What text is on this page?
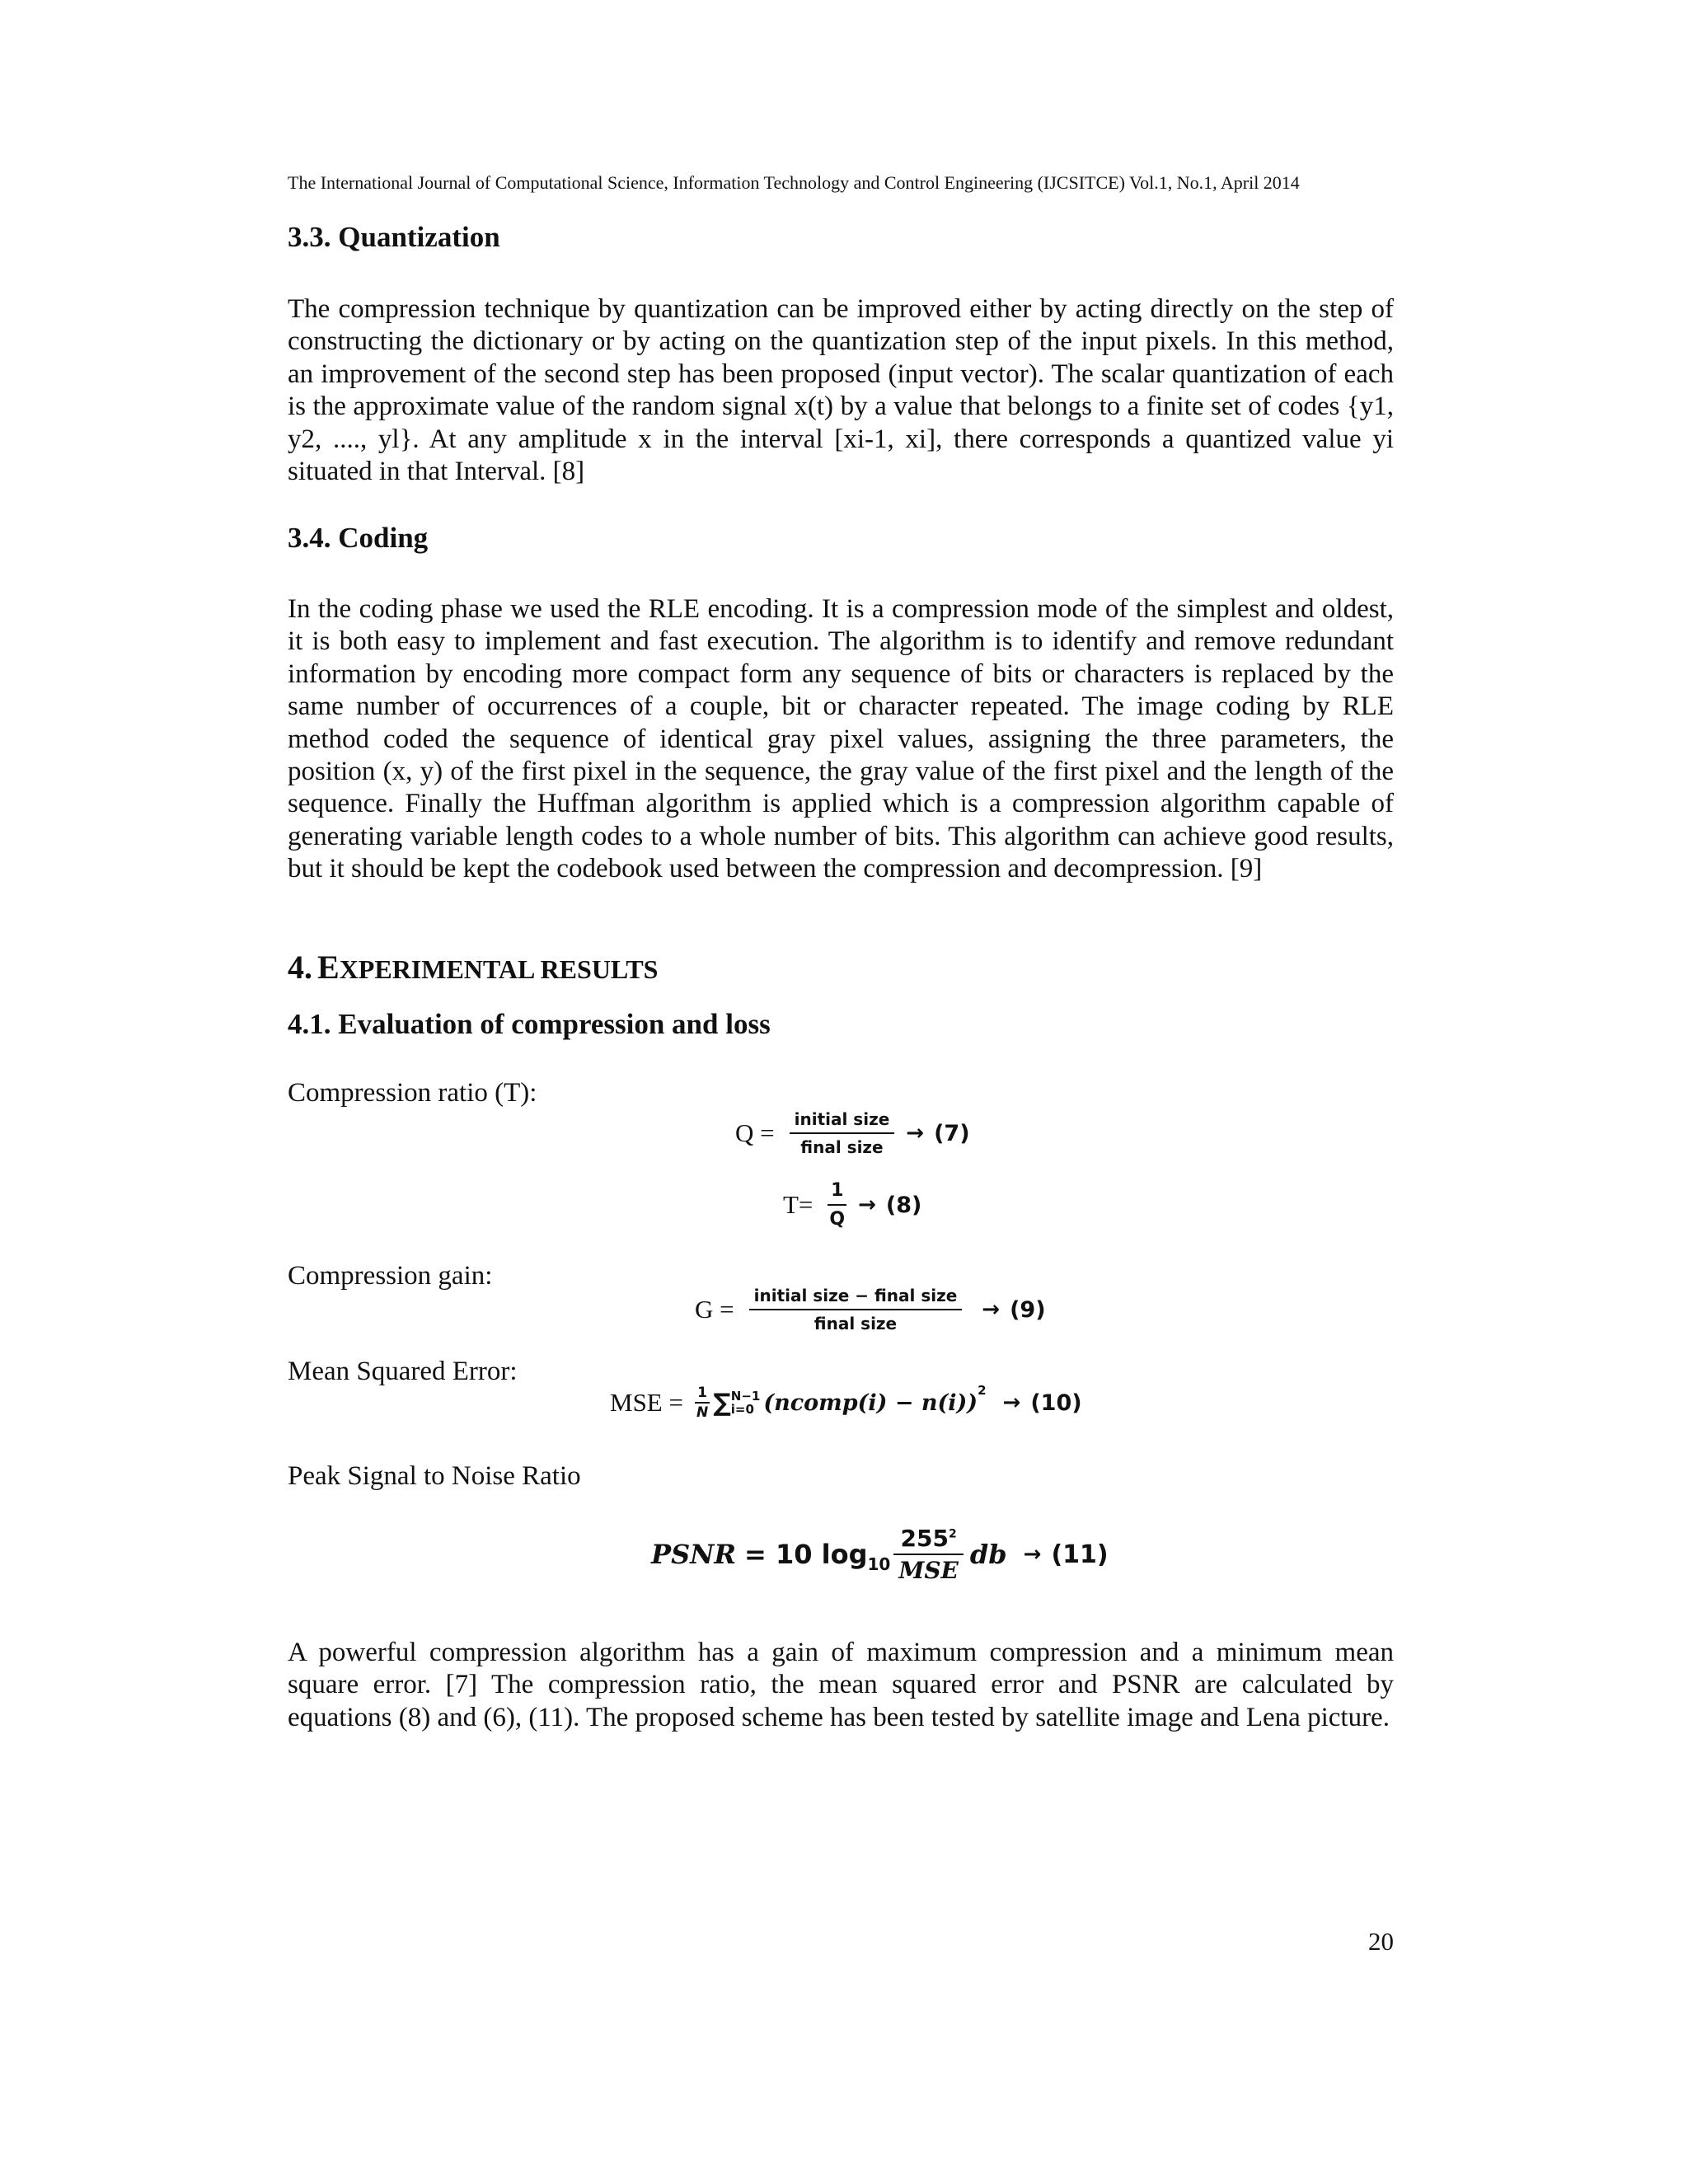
The International Journal of Computational Science, Information Technology and Control Engineering (IJCSITCE) Vol.1, No.1, April 2014
3.3. Quantization

The compression technique by quantization can be improved either by acting directly on the step of constructing the dictionary or by acting on the quantization step of the input pixels. In this method, an improvement of the second step has been proposed (input vector). The scalar quantization of each is the approximate value of the random signal x(t) by a value that belongs to a finite set of codes {y1, y2, ...., yl}. At any amplitude x in the interval [xi-1, xi], there corresponds a quantized value yi situated in that Interval. [8]

3.4. Coding

In the coding phase we used the RLE encoding. It is a compression mode of the simplest and oldest, it is both easy to implement and fast execution. The algorithm is to identify and remove redundant information by encoding more compact form any sequence of bits or characters is replaced by the same number of occurrences of a couple, bit or character repeated. The image coding by RLE method coded the sequence of identical gray pixel values, assigning the three parameters, the position (x, y) of the first pixel in the sequence, the gray value of the first pixel and the length of the sequence. Finally the Huffman algorithm is applied which is a compression algorithm capable of generating variable length codes to a whole number of bits. This algorithm can achieve good results, but it should be kept the codebook used between the compression and decompression. [9]

4. EXPERIMENTAL RESULTS
4.1. Evaluation of compression and loss

Compression ratio (T):

$Q = \frac{\text{initial size}}{\text{final size}} \to (7)$
$T= \frac{1}{Q} \to (8)$

Compression gain:

$G = \frac{\text{initial size − final size}}{\text{final size}} \to (9)$

Mean Squared Error:

MSE = $\frac{1}{N}$ ∑ N−1
i=0 (ncomp(i) − n(i)) 2 → (10)

Peak Signal to Noise Ratio

PSNR = 10 $\log 10 \frac{255^2}{\text{MSE}}$ db → (11)

A powerful compression algorithm has a gain of maximum compression and a minimum mean square error. [7] The compression ratio, the mean squared error and PSNR are calculated by equations (8) and (6), (11). The proposed scheme has been tested by satellite image and Lena picture.

20
